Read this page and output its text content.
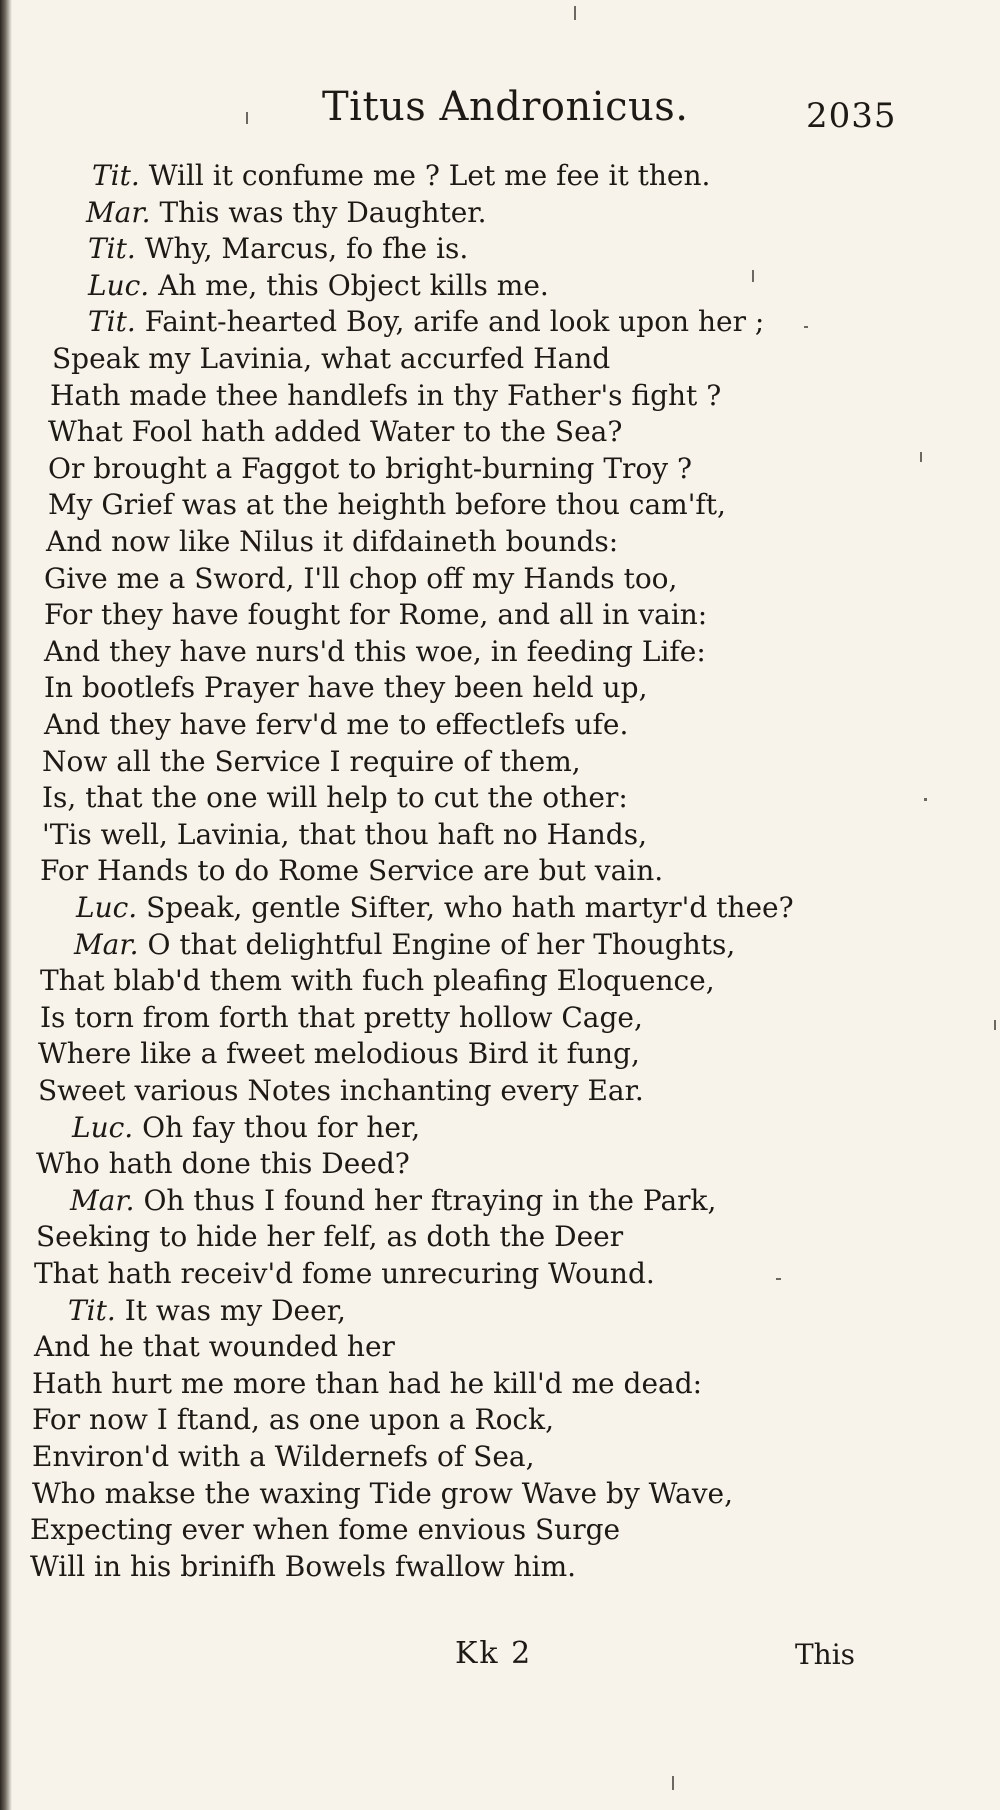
Titus Andronicus.	2035
Tit. Will it confume me ? Let me fee it then.
Mar. This was thy Daughter.
Tit. Why, Marcus, fo fhe is.
Luc. Ah me, this Object kills me.
Tit. Faint-hearted Boy, arife and look upon her ;
Speak my Lavinia, what accurfed Hand
Hath made thee handlefs in thy Father's fight ?
What Fool hath added Water to the Sea?
Or brought a Faggot to bright-burning Troy ?
My Grief was at the heighth before thou cam'ft,
And now like Nilus it difdaineth bounds:
Give me a Sword, I'll chop off my Hands too,
For they have fought for Rome, and all in vain:
And they have nurs'd this woe, in feeding Life:
In bootlefs Prayer have they been held up,
And they have ferv'd me to effectlefs ufe.
Now all the Service I require of them,
Is, that the one will help to cut the other:
'Tis well, Lavinia, that thou haft no Hands,
For Hands to do Rome Service are but vain.
Luc. Speak, gentle Sifter, who hath martyr'd thee?
Mar. O that delightful Engine of her Thoughts,
That blab'd them with fuch pleafing Eloquence,
Is torn from forth that pretty hollow Cage,
Where like a fweet melodious Bird it fung,
Sweet various Notes inchanting every Ear.
Luc. Oh fay thou for her,
Who hath done this Deed?
Mar. Oh thus I found her ftraying in the Park,
Seeking to hide her felf, as doth the Deer
That hath receiv'd fome unrecuring Wound.
Tit. It was my Deer,
And he that wounded her
Hath hurt me more than had he kill'd me dead:
For now I ftand, as one upon a Rock,
Environ'd with a Wildernefs of Sea,
Who makse the waxing Tide grow Wave by Wave,
Expecting ever when fome envious Surge
Will in his brinifh Bowels fwallow him.
Kk 2	This
